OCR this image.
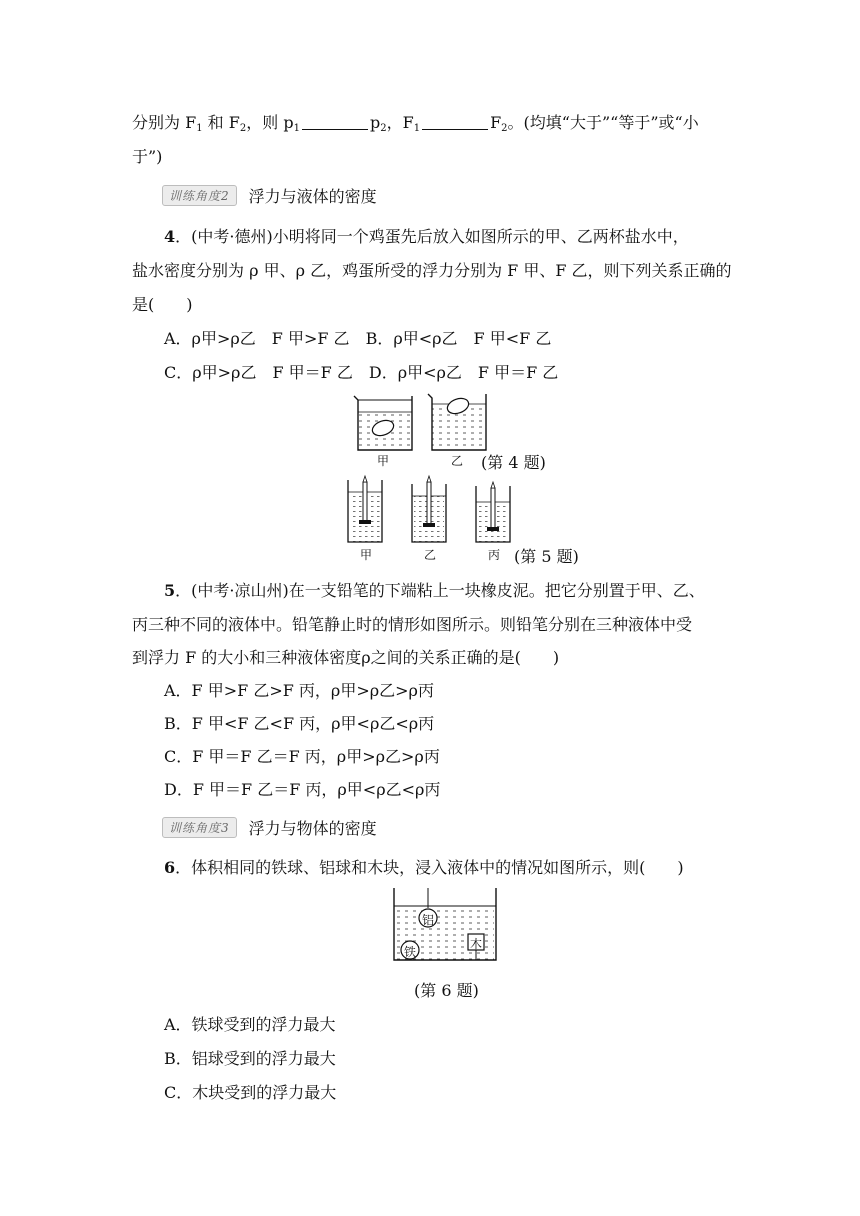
分别为 $F_1$ 和 $F_2$，则 $p_1$	$p_2$，$F_1$	$F_2$。(均填“大于”“等于”或“小
于”)
训练角度2	浮力与液体的密度
4．(中考·德州)小明将同一个鸡蛋先后放入如图所示的甲、乙两杯盐水中，
盐水密度分别为 ρ 甲、ρ 乙，鸡蛋所受的浮力分别为 F 甲、F 乙，则下列关系正确的
是(　　)
A．ρ甲>ρ乙　F 甲>F 乙　 B．ρ甲<ρ乙　F 甲<F 乙
C．ρ甲>ρ乙　F 甲＝F 乙　 D．ρ甲<ρ乙　F 甲＝F 乙
甲	乙 (第 4 题)
甲	乙	丙 (第 5 题)
5．(中考·凉山州)在一支铅笔的下端粘上一块橡皮泥。把它分别置于甲、乙、
丙三种不同的液体中。铅笔静止时的情形如图所示。则铅笔分别在三种液体中受
到浮力 F 的大小和三种液体密度ρ之间的关系正确的是(　　)
A．F 甲>F 乙>F 丙，ρ甲>ρ乙>ρ丙
B．F 甲<F 乙<F 丙，ρ甲<ρ乙<ρ丙
C．F 甲＝F 乙＝F 丙，ρ甲>ρ乙>ρ丙
D．F 甲＝F 乙＝F 丙，ρ甲<ρ乙<ρ丙
训练角度3	浮力与物体的密度
6．体积相同的铁球、铝球和木块，浸入液体中的情况如图所示，则(　　)
铝
铁
木
(第 6 题)
A．铁球受到的浮力最大
B．铝球受到的浮力最大
C．木块受到的浮力最大
